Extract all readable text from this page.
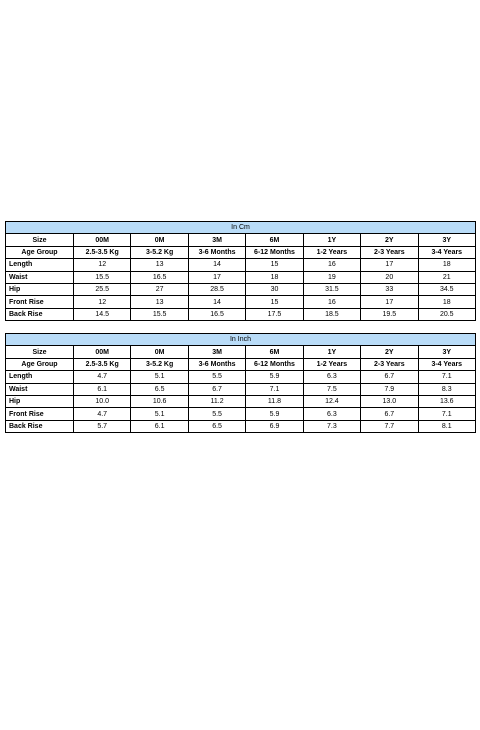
In Cm							
Size	00M	0M	3M	6M	1Y	2Y	3Y
Age Group	2.5-3.5 Kg	3-5.2 Kg	3-6 Months	6-12 Months	1-2 Years	2-3 Years	3-4 Years
Length	12	13	14	15	16	17	18
Waist	15.5	16.5	17	18	19	20	21
Hip	25.5	27	28.5	30	31.5	33	34.5
Front Rise	12	13	14	15	16	17	18
Back Rise	14.5	15.5	16.5	17.5	18.5	19.5	20.5
In Inch							
Size	00M	0M	3M	6M	1Y	2Y	3Y
Age Group	2.5-3.5 Kg	3-5.2 Kg	3-6 Months	6-12 Months	1-2 Years	2-3 Years	3-4 Years
Length	4.7	5.1	5.5	5.9	6.3	6.7	7.1
Waist	6.1	6.5	6.7	7.1	7.5	7.9	8.3
Hip	10.0	10.6	11.2	11.8	12.4	13.0	13.6
Front Rise	4.7	5.1	5.5	5.9	6.3	6.7	7.1
Back Rise	5.7	6.1	6.5	6.9	7.3	7.7	8.1
